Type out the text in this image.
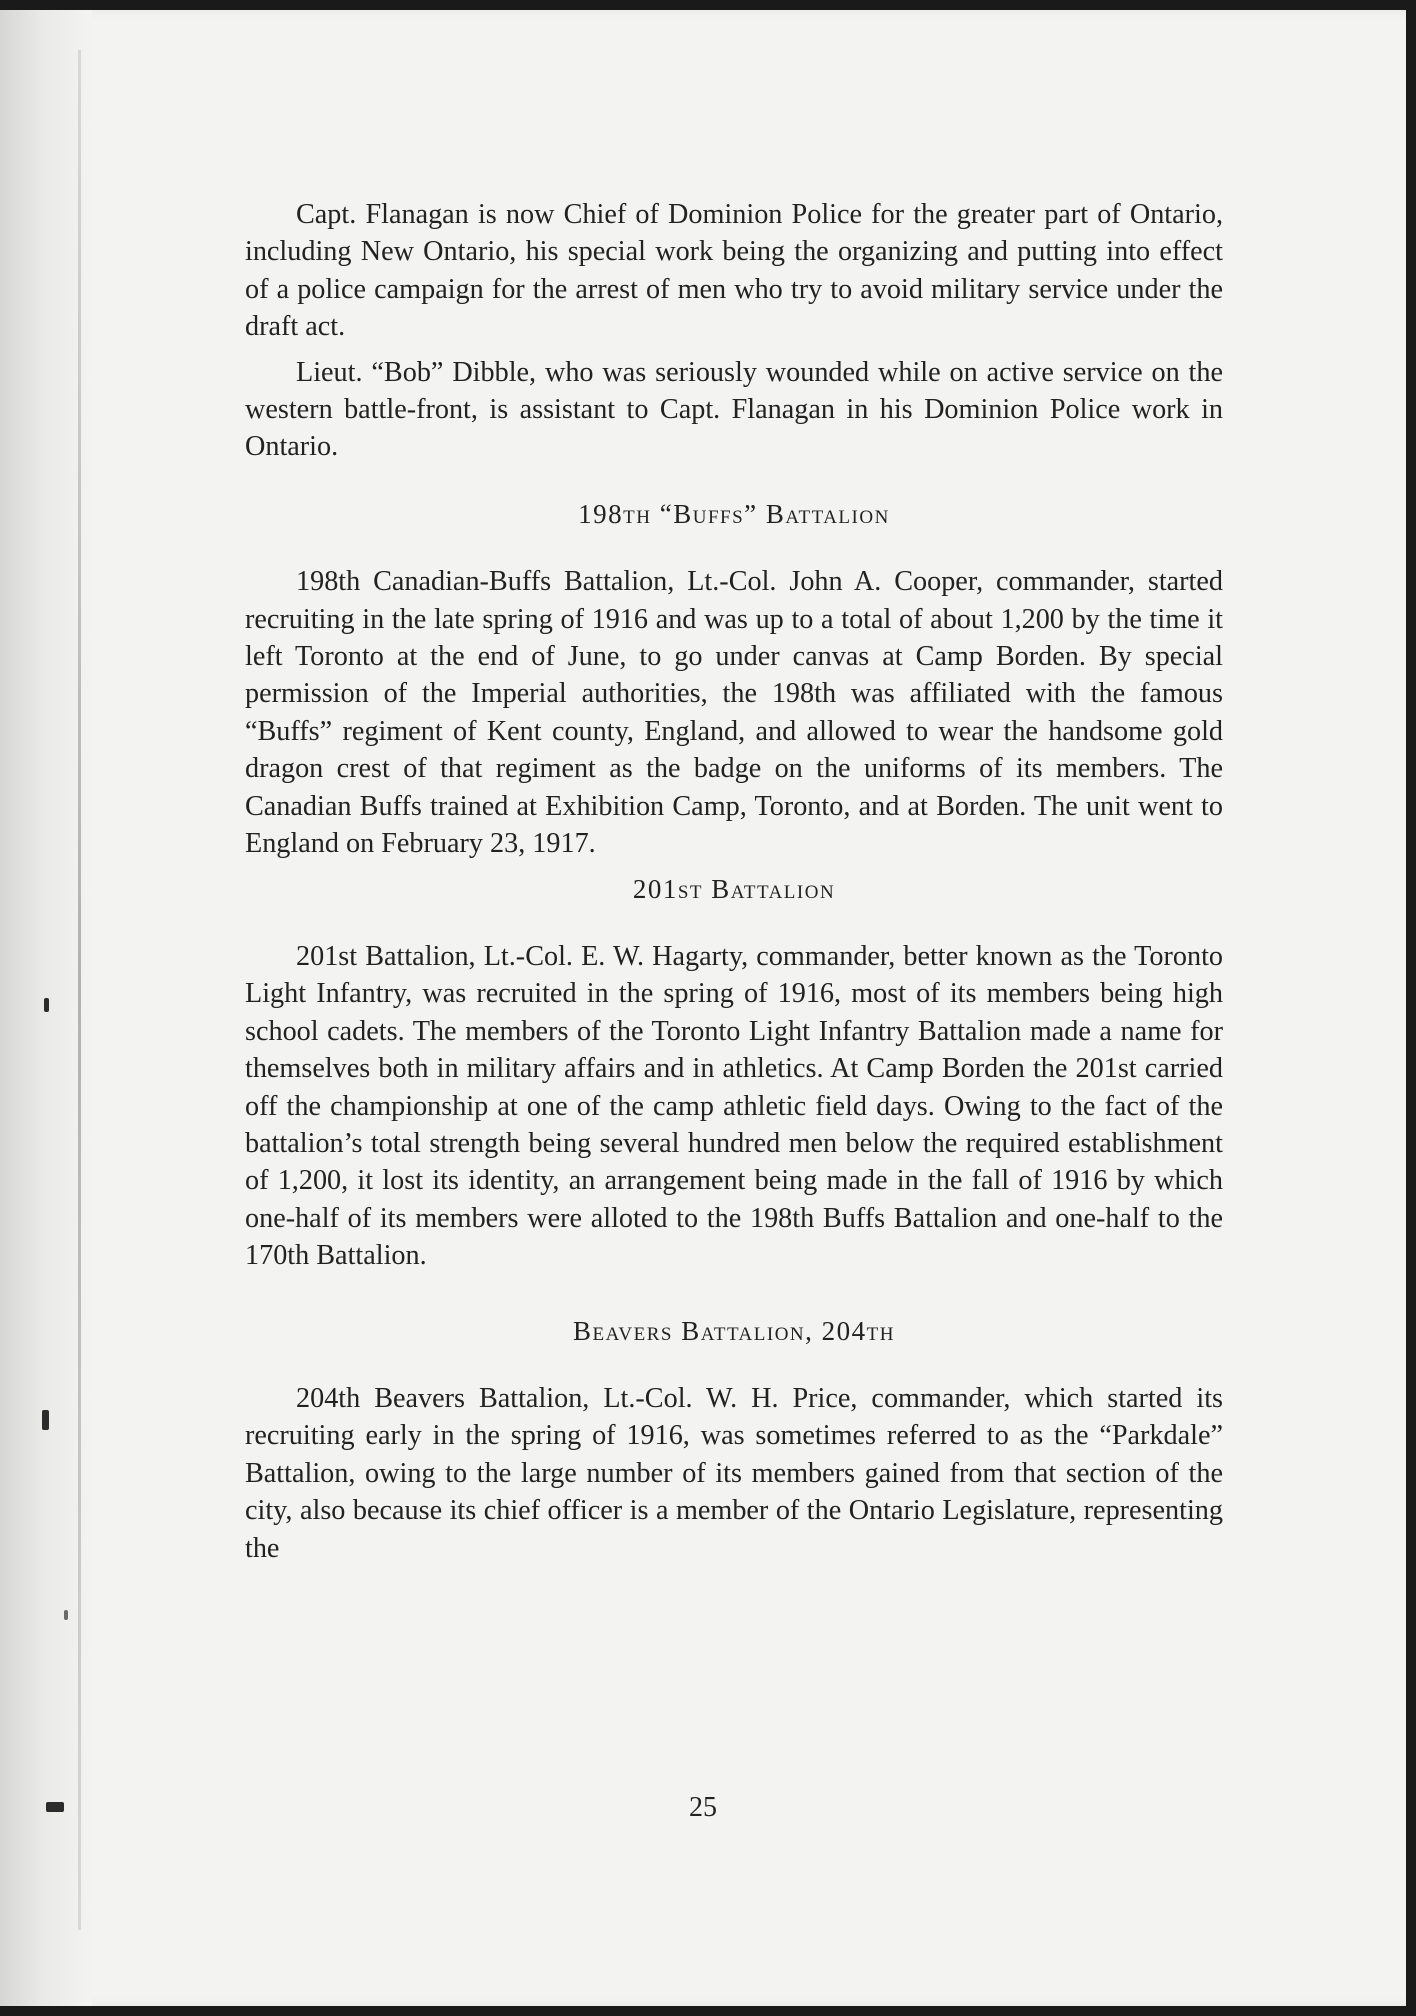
Capt. Flanagan is now Chief of Dominion Police for the greater part of Ontario, including New Ontario, his special work being the organizing and putting into effect of a police campaign for the arrest of men who try to avoid military service under the draft act.

Lieut. “Bob” Dibble, who was seriously wounded while on active service on the western battle-front, is assistant to Capt. Flanagan in his Dominion Police work in Ontario.

198th “Buffs” Battalion

198th Canadian-Buffs Battalion, Lt.-Col. John A. Cooper, commander, started recruiting in the late spring of 1916 and was up to a total of about 1,200 by the time it left Toronto at the end of June, to go under canvas at Camp Borden. By special permission of the Imperial authorities, the 198th was affiliated with the famous “Buffs” regiment of Kent county, England, and allowed to wear the handsome gold dragon crest of that regiment as the badge on the uniforms of its members. The Canadian Buffs trained at Exhibition Camp, Toronto, and at Borden. The unit went to England on February 23, 1917.

201st Battalion

201st Battalion, Lt.-Col. E. W. Hagarty, commander, better known as the Toronto Light Infantry, was recruited in the spring of 1916, most of its members being high school cadets. The members of the Toronto Light Infantry Battalion made a name for themselves both in military affairs and in athletics. At Camp Borden the 201st carried off the championship at one of the camp athletic field days. Owing to the fact of the battalion’s total strength being several hundred men below the required establishment of 1,200, it lost its identity, an arrangement being made in the fall of 1916 by which one-half of its members were alloted to the 198th Buffs Battalion and one-half to the 170th Battalion.

Beavers Battalion, 204th

204th Beavers Battalion, Lt.-Col. W. H. Price, commander, which started its recruiting early in the spring of 1916, was sometimes referred to as the “Parkdale” Battalion, owing to the large number of its members gained from that section of the city, also because its chief officer is a member of the Ontario Legislature, representing the

25
